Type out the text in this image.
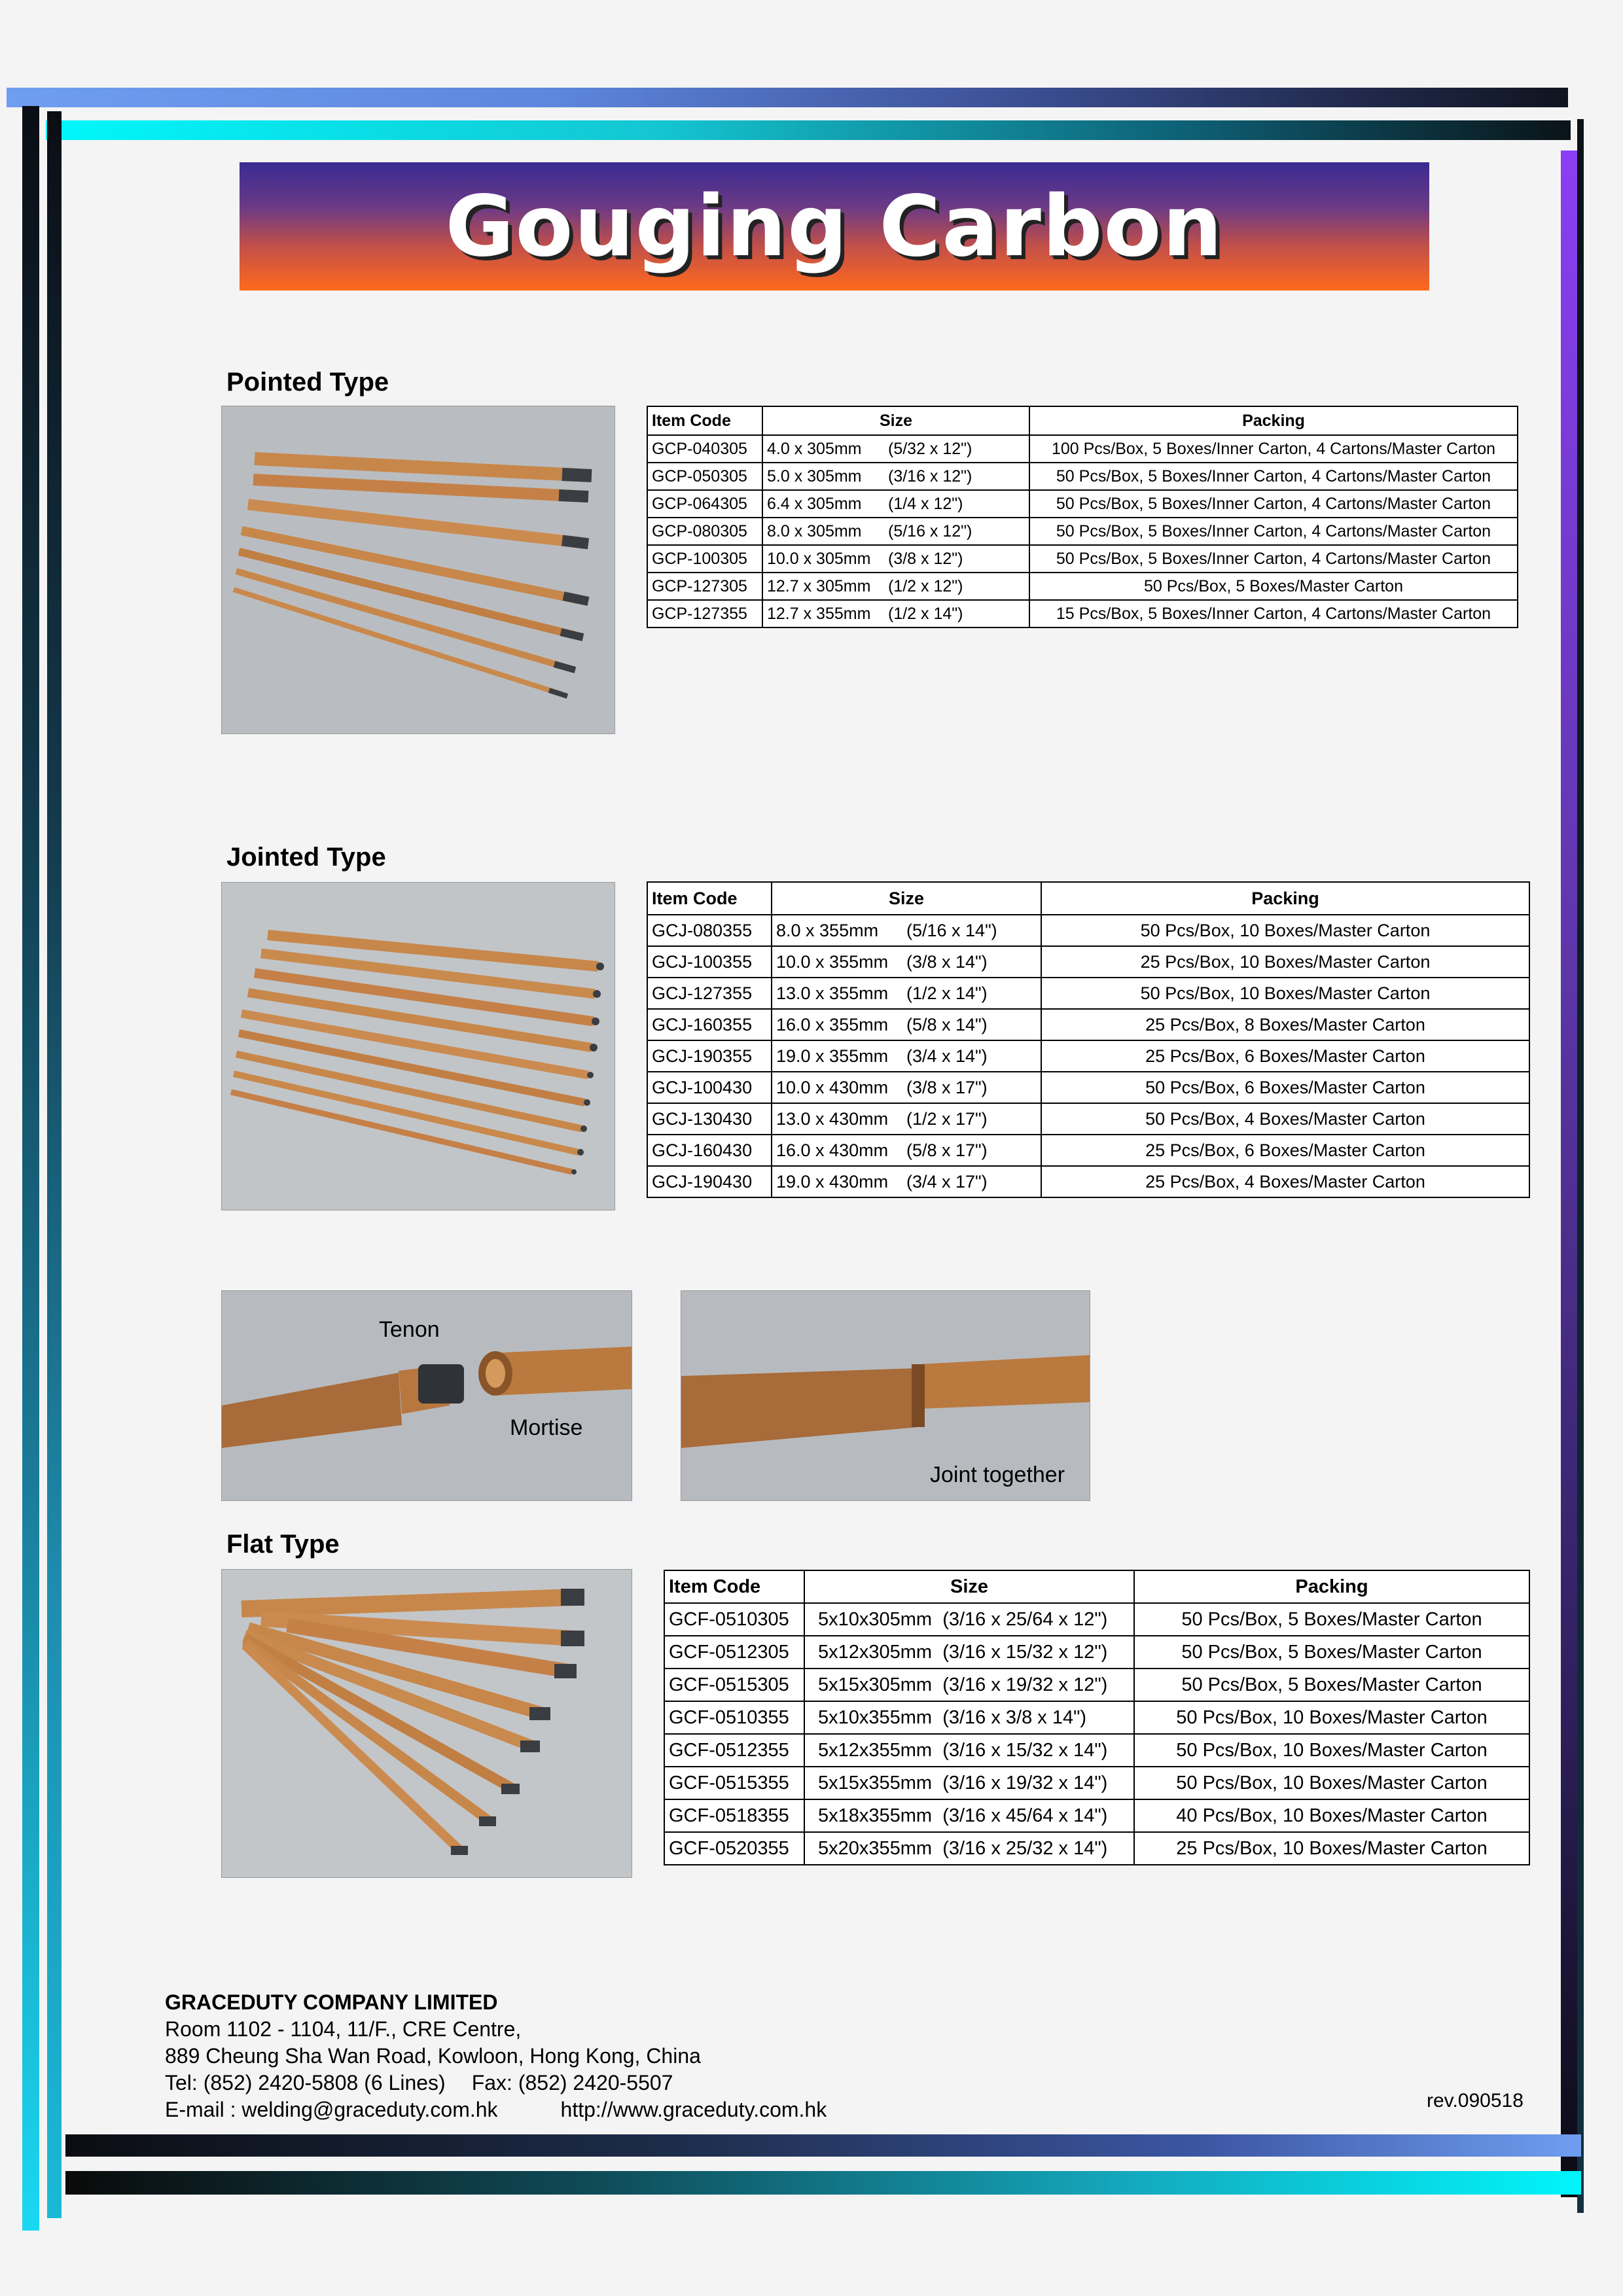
Gouging Carbon
Pointed Type
Item Code	Size		Packing
GCP-040305	4.0 x 305mm	(5/32 x 12")	100 Pcs/Box, 5 Boxes/Inner Carton, 4 Cartons/Master Carton
GCP-050305	5.0 x 305mm	(3/16 x 12")	50 Pcs/Box, 5 Boxes/Inner Carton, 4 Cartons/Master Carton
GCP-064305	6.4 x 305mm	(1/4 x 12")	50 Pcs/Box, 5 Boxes/Inner Carton, 4 Cartons/Master Carton
GCP-080305	8.0 x 305mm	(5/16 x 12")	50 Pcs/Box, 5 Boxes/Inner Carton, 4 Cartons/Master Carton
GCP-100305	10.0 x 305mm	(3/8 x 12")	50 Pcs/Box, 5 Boxes/Inner Carton, 4 Cartons/Master Carton
GCP-127305	12.7 x 305mm	(1/2 x 12")	50 Pcs/Box, 5 Boxes/Master Carton
GCP-127355	12.7 x 355mm	(1/2 x 14")	15 Pcs/Box, 5 Boxes/Inner Carton, 4 Cartons/Master Carton
Jointed Type
Item Code	Size		Packing
GCJ-080355	8.0 x 355mm	(5/16 x 14")	50 Pcs/Box, 10 Boxes/Master Carton
GCJ-100355	10.0 x 355mm	(3/8 x 14")	25 Pcs/Box, 10 Boxes/Master Carton
GCJ-127355	13.0 x 355mm	(1/2 x 14")	50 Pcs/Box, 10 Boxes/Master Carton
GCJ-160355	16.0 x 355mm	(5/8 x 14")	25 Pcs/Box, 8 Boxes/Master Carton
GCJ-190355	19.0 x 355mm	(3/4 x 14")	25 Pcs/Box, 6 Boxes/Master Carton
GCJ-100430	10.0 x 430mm	(3/8 x 17")	50 Pcs/Box, 6 Boxes/Master Carton
GCJ-130430	13.0 x 430mm	(1/2 x 17")	50 Pcs/Box, 4 Boxes/Master Carton
GCJ-160430	16.0 x 430mm	(5/8 x 17")	25 Pcs/Box, 6 Boxes/Master Carton
GCJ-190430	19.0 x 430mm	(3/4 x 17")	25 Pcs/Box, 4 Boxes/Master Carton
Tenon
Mortise
Joint together
Flat Type
Item Code	Size	Packing
GCF-0510305	5x10x305mm  (3/16 x 25/64 x 12")	50 Pcs/Box, 5 Boxes/Master Carton
GCF-0512305	5x12x305mm  (3/16 x 15/32 x 12")	50 Pcs/Box, 5 Boxes/Master Carton
GCF-0515305	5x15x305mm  (3/16 x 19/32 x 12")	50 Pcs/Box, 5 Boxes/Master Carton
GCF-0510355	5x10x355mm  (3/16 x 3/8 x 14")	50 Pcs/Box, 10 Boxes/Master Carton
GCF-0512355	5x12x355mm  (3/16 x 15/32 x 14")	50 Pcs/Box, 10 Boxes/Master Carton
GCF-0515355	5x15x355mm  (3/16 x 19/32 x 14")	50 Pcs/Box, 10 Boxes/Master Carton
GCF-0518355	5x18x355mm  (3/16 x 45/64 x 14")	40 Pcs/Box, 10 Boxes/Master Carton
GCF-0520355	5x20x355mm  (3/16 x 25/32 x 14")	25 Pcs/Box, 10 Boxes/Master Carton
GRACEDUTY COMPANY LIMITED
Room 1102 - 1104, 11/F., CRE Centre,
889 Cheung Sha Wan Road, Kowloon, Hong Kong, China
Tel: (852) 2420-5808 (6 Lines) Fax: (852) 2420-5507
E-mail : welding@graceduty.com.hk	http://www.graceduty.com.hk	rev.090518
